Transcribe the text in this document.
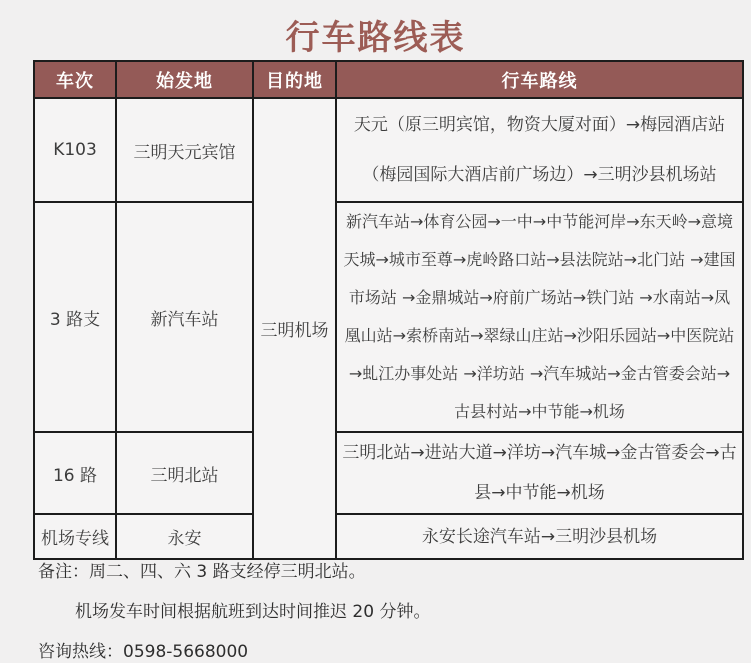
行车路线表
车次	始发地	目的地	行车路线
K103	三明天元宾馆	三明机场	天元（原三明宾馆，物资大厦对面）→梅园酒店站（梅园国际大酒店前广场边）→三明沙县机场站
3 路支	新汽车站		新汽车站→体育公园→一中→中节能河岸→东天岭→意境天城→城市至尊→虎岭路口站→县法院站→北门站 →建国市场站 →金鼎城站→府前广场站→铁门站 →水南站→凤凰山站→索桥南站→翠绿山庄站→沙阳乐园站→中医院站→虬江办事处站 →洋坊站 →汽车城站→金古管委会站→古县村站→中节能→机场
16 路	三明北站		三明北站→进站大道→洋坊→汽车城→金古管委会→古县→中节能→机场
机场专线	永安		永安长途汽车站→三明沙县机场
备注：周二、四、六 3 路支经停三明北站。
机场发车时间根据航班到达时间推迟 20 分钟。
咨询热线：0598-5668000
